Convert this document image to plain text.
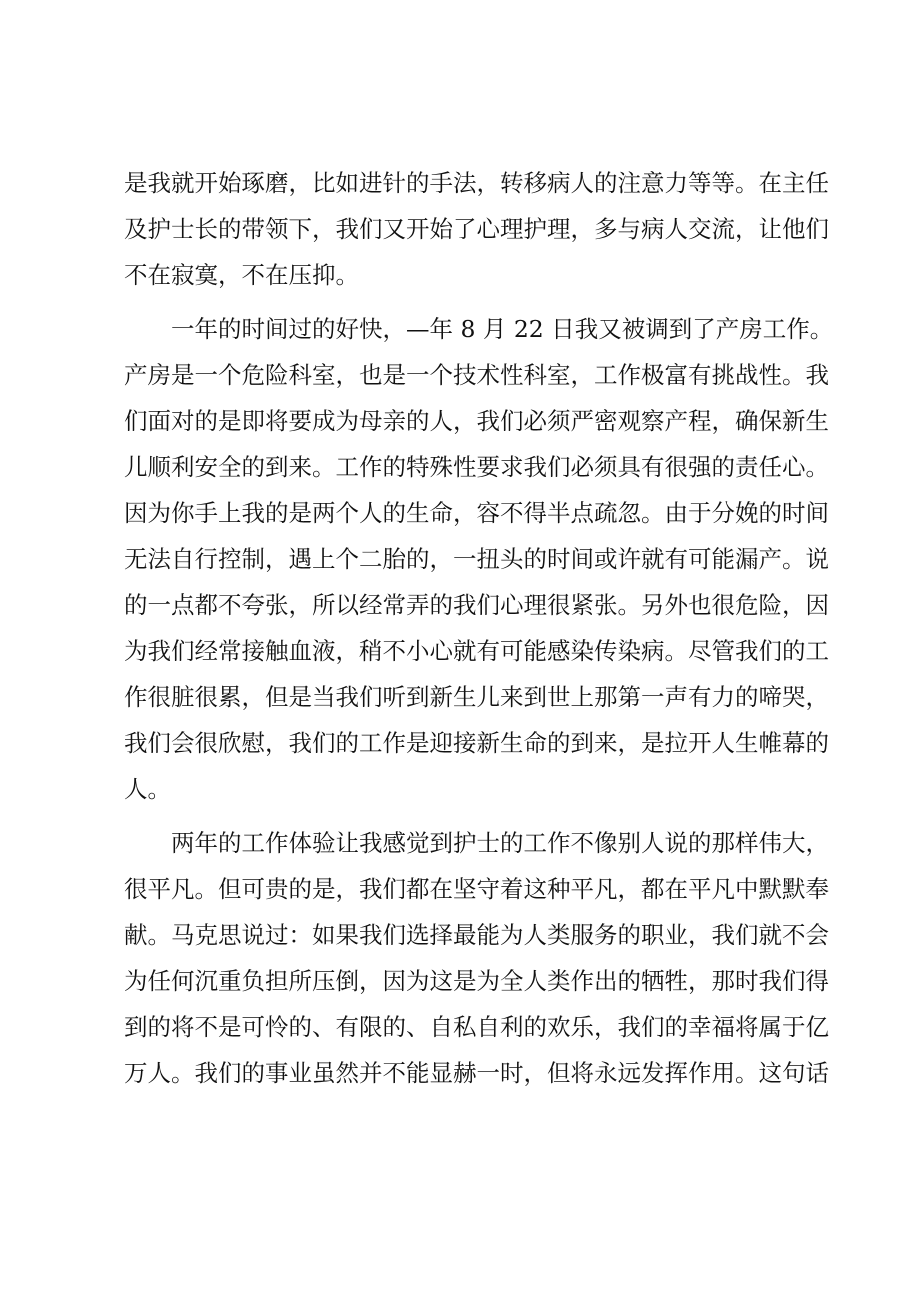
是我就开始琢磨，比如进针的手法，转移病人的注意力等等。在主任
及护士长的带领下，我们又开始了心理护理，多与病人交流，让他们
不在寂寞，不在压抑。

一年的时间过的好快，—年 8 月 22 日我又被调到了产房工作。
产房是一个危险科室，也是一个技术性科室，工作极富有挑战性。我
们面对的是即将要成为母亲的人，我们必须严密观察产程，确保新生
儿顺利安全的到来。工作的特殊性要求我们必须具有很强的责任心。
因为你手上我的是两个人的生命，容不得半点疏忽。由于分娩的时间
无法自行控制，遇上个二胎的，一扭头的时间或许就有可能漏产。说
的一点都不夸张，所以经常弄的我们心理很紧张。另外也很危险，因
为我们经常接触血液，稍不小心就有可能感染传染病。尽管我们的工
作很脏很累，但是当我们听到新生儿来到世上那第一声有力的啼哭，
我们会很欣慰，我们的工作是迎接新生命的到来，是拉开人生帷幕的
人。

两年的工作体验让我感觉到护士的工作不像别人说的那样伟大，
很平凡。但可贵的是，我们都在坚守着这种平凡，都在平凡中默默奉
献。马克思说过：如果我们选择最能为人类服务的职业，我们就不会
为任何沉重负担所压倒，因为这是为全人类作出的牺牲，那时我们得
到的将不是可怜的、有限的、自私自利的欢乐，我们的幸福将属于亿
万人。我们的事业虽然并不能显赫一时，但将永远发挥作用。这句话
